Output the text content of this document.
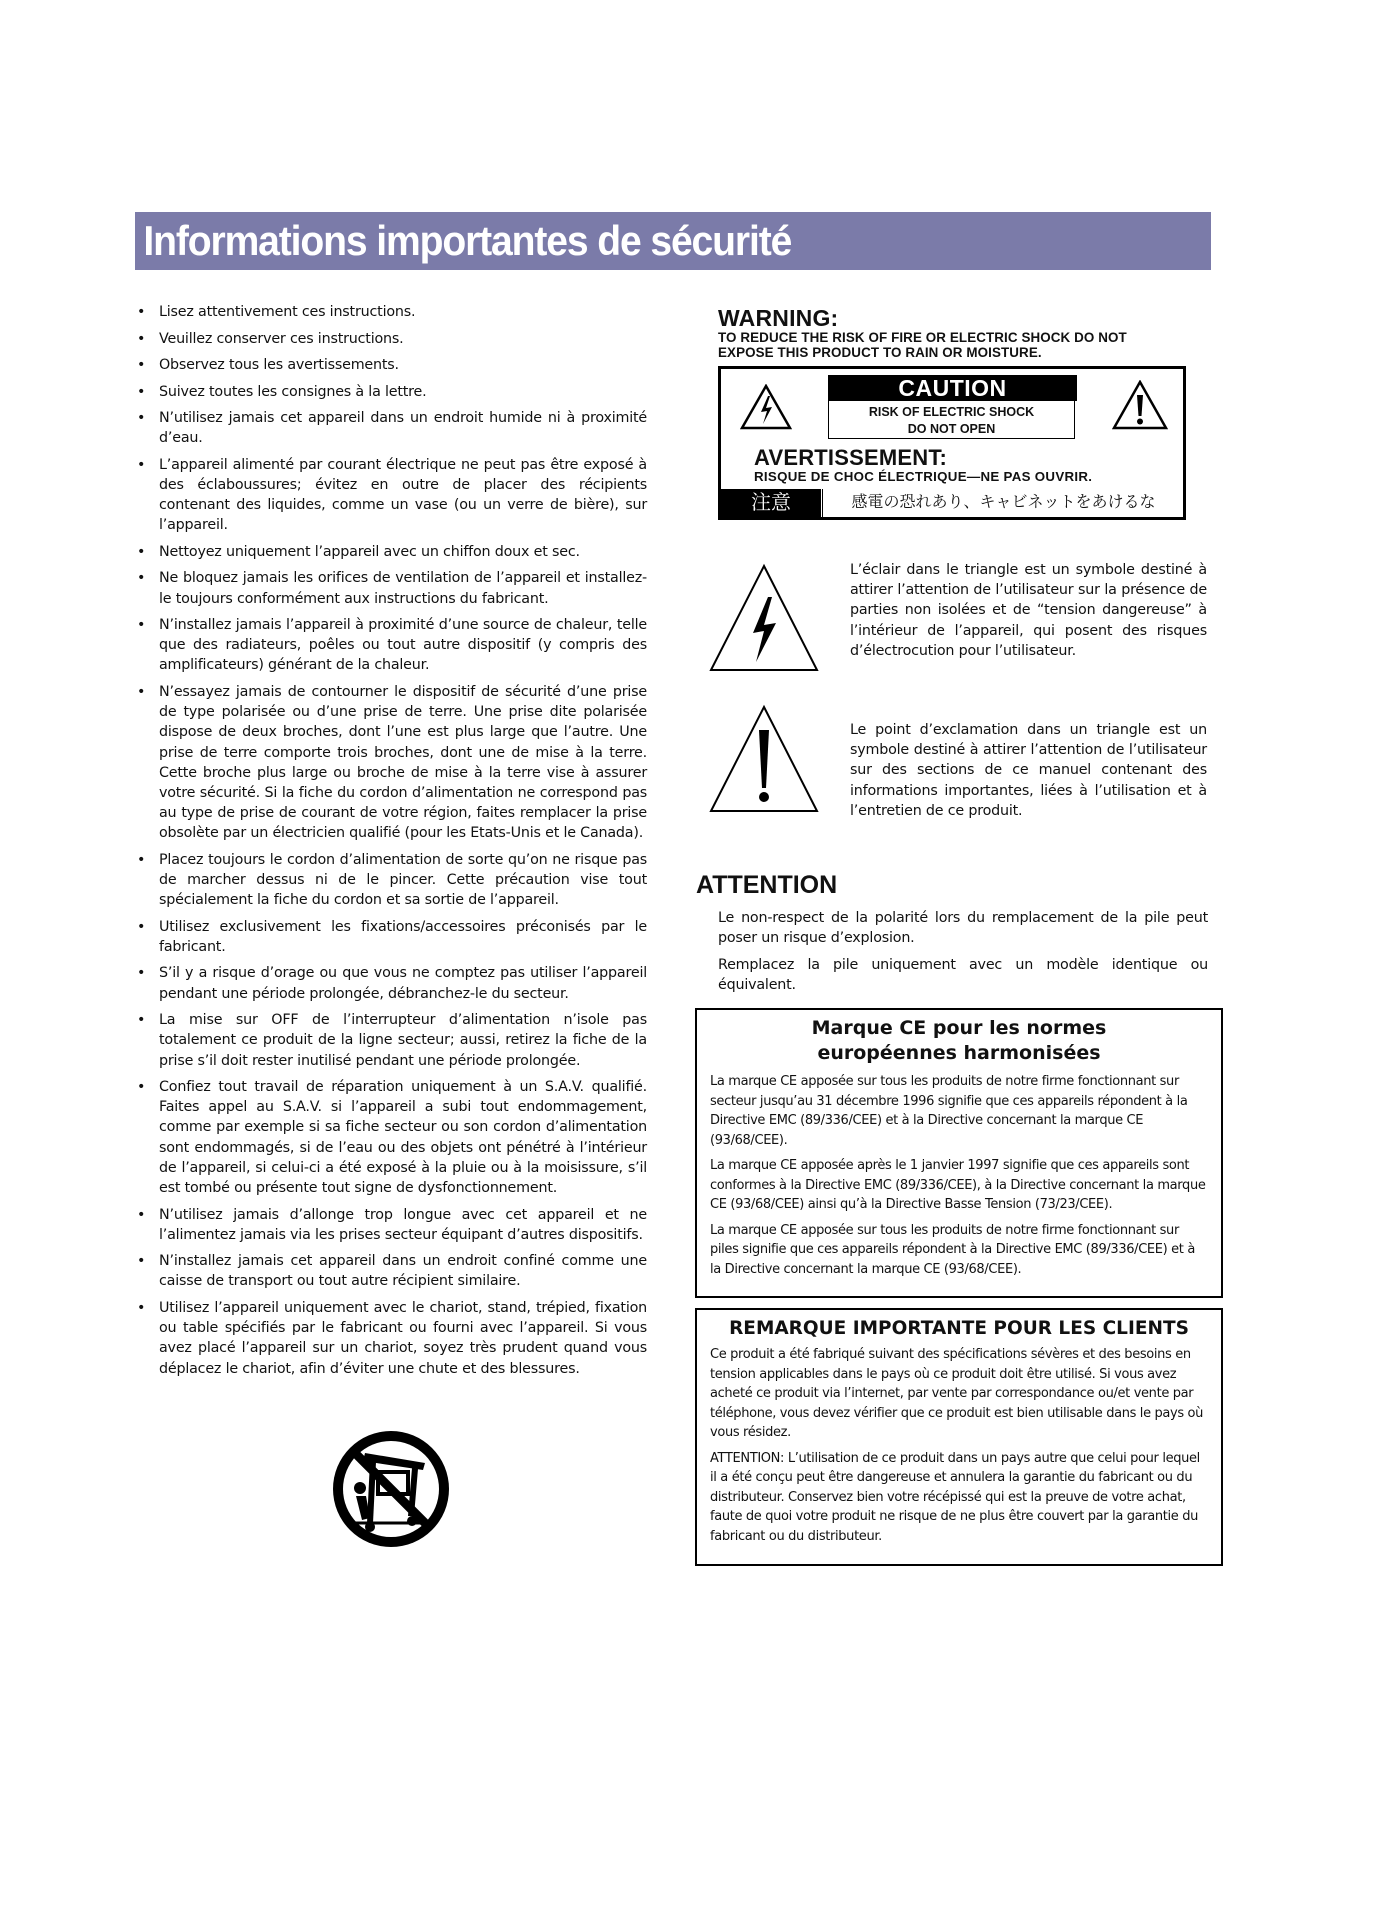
Informations importantes de sécurité
• Lisez attentivement ces instructions.
• Veuillez conserver ces instructions.
• Observez tous les avertissements.
• Suivez toutes les consignes à la lettre.
• N’utilisez jamais cet appareil dans un endroit humide ni à proximité d’eau.
• L’appareil alimenté par courant électrique ne peut pas être exposé à des éclaboussures; évitez en outre de placer des récipients contenant des liquides, comme un vase (ou un verre de bière), sur l’appareil.
• Nettoyez uniquement l’appareil avec un chiffon doux et sec.
• Ne bloquez jamais les orifices de ventilation de l’appareil et installez-le toujours conformément aux instructions du fabricant.
• N’installez jamais l’appareil à proximité d’une source de chaleur, telle que des radiateurs, poêles ou tout autre dispositif (y compris des amplificateurs) générant de la chaleur.
• N’essayez jamais de contourner le dispositif de sécurité d’une prise de type polarisée ou d’une prise de terre. Une prise dite polarisée dispose de deux broches, dont l’une est plus large que l’autre. Une prise de terre comporte trois broches, dont une de mise à la terre. Cette broche plus large ou broche de mise à la terre vise à assurer votre sécurité. Si la fiche du cordon d’alimentation ne correspond pas au type de prise de courant de votre région, faites remplacer la prise obsolète par un électricien qualifié (pour les Etats-Unis et le Canada).
• Placez toujours le cordon d’alimentation de sorte qu’on ne risque pas de marcher dessus ni de le pincer. Cette précaution vise tout spécialement la fiche du cordon et sa sortie de l’appareil.
• Utilisez exclusivement les fixations/accessoires préconisés par le fabricant.
• S’il y a risque d’orage ou que vous ne comptez pas utiliser l’appareil pendant une période prolongée, débranchez-le du secteur.
• La mise sur OFF de l’interrupteur d’alimentation n’isole pas totalement ce produit de la ligne secteur; aussi, retirez la fiche de la prise s’il doit rester inutilisé pendant une période prolongée.
• Confiez tout travail de réparation uniquement à un S.A.V. qualifié. Faites appel au S.A.V. si l’appareil a subi tout endommagement, comme par exemple si sa fiche secteur ou son cordon d’alimentation sont endommagés, si de l’eau ou des objets ont pénétré à l’intérieur de l’appareil, si celui-ci a été exposé à la pluie ou à la moisissure, s’il est tombé ou présente tout signe de dysfonctionnement.
• N’utilisez jamais d’allonge trop longue avec cet appareil et ne l’alimentez jamais via les prises secteur équipant d’autres dispositifs.
• N’installez jamais cet appareil dans un endroit confiné comme une caisse de transport ou tout autre récipient similaire.
• Utilisez l’appareil uniquement avec le chariot, stand, trépied, fixation ou table spécifiés par le fabricant ou fourni avec l’appareil. Si vous avez placé l’appareil sur un chariot, soyez très prudent quand vous déplacez le chariot, afin d’éviter une chute et des blessures.
WARNING:
TO REDUCE THE RISK OF FIRE OR ELECTRIC SHOCK DO NOT
EXPOSE THIS PRODUCT TO RAIN OR MOISTURE.
CAUTION
RISK OF ELECTRIC SHOCK
DO NOT OPEN
AVERTISSEMENT:
RISQUE DE CHOC ÉLECTRIQUE—NE PAS OUVRIR.
注意	感電の恐れあり、キャビネットをあけるな
L’éclair dans le triangle est un symbole destiné à attirer l’attention de l’utilisateur sur la présence de parties non isolées et de “tension dangereuse” à l’intérieur de l’appareil, qui posent des risques d’électrocution pour l’utilisateur.
Le point d’exclamation dans un triangle est un symbole destiné à attirer l’attention de l’utilisateur sur des sections de ce manuel contenant des informations importantes, liées à l’utilisation et à l’entretien de ce produit.
ATTENTION
Le non-respect de la polarité lors du remplacement de la pile peut poser un risque d’explosion.
Remplacez la pile uniquement avec un modèle identique ou équivalent.
Marque CE pour les normes européennes harmonisées

La marque CE apposée sur tous les produits de notre firme fonctionnant sur secteur jusqu’au 31 décembre 1996 signifie que ces appareils répondent à la Directive EMC (89/336/CEE) et à la Directive concernant la marque CE (93/68/CEE).

La marque CE apposée après le 1 janvier 1997 signifie que ces appareils sont conformes à la Directive EMC (89/336/CEE), à la Directive concernant la marque CE (93/68/CEE) ainsi qu’à la Directive Basse Tension (73/23/CEE).

La marque CE apposée sur tous les produits de notre firme fonctionnant sur piles signifie que ces appareils répondent à la Directive EMC (89/336/CEE) et à la Directive concernant la marque CE (93/68/CEE).

REMARQUE IMPORTANTE POUR LES CLIENTS

Ce produit a été fabriqué suivant des spécifications sévères et des besoins en tension applicables dans le pays où ce produit doit être utilisé. Si vous avez acheté ce produit via l’internet, par vente par correspondance ou/et vente par téléphone, vous devez vérifier que ce produit est bien utilisable dans le pays où vous résidez.

ATTENTION: L’utilisation de ce produit dans un pays autre que celui pour lequel il a été conçu peut être dangereuse et annulera la garantie du fabricant ou du distributeur. Conservez bien votre récépissé qui est la preuve de votre achat, faute de quoi votre produit ne risque de ne plus être couvert par la garantie du fabricant ou du distributeur.
